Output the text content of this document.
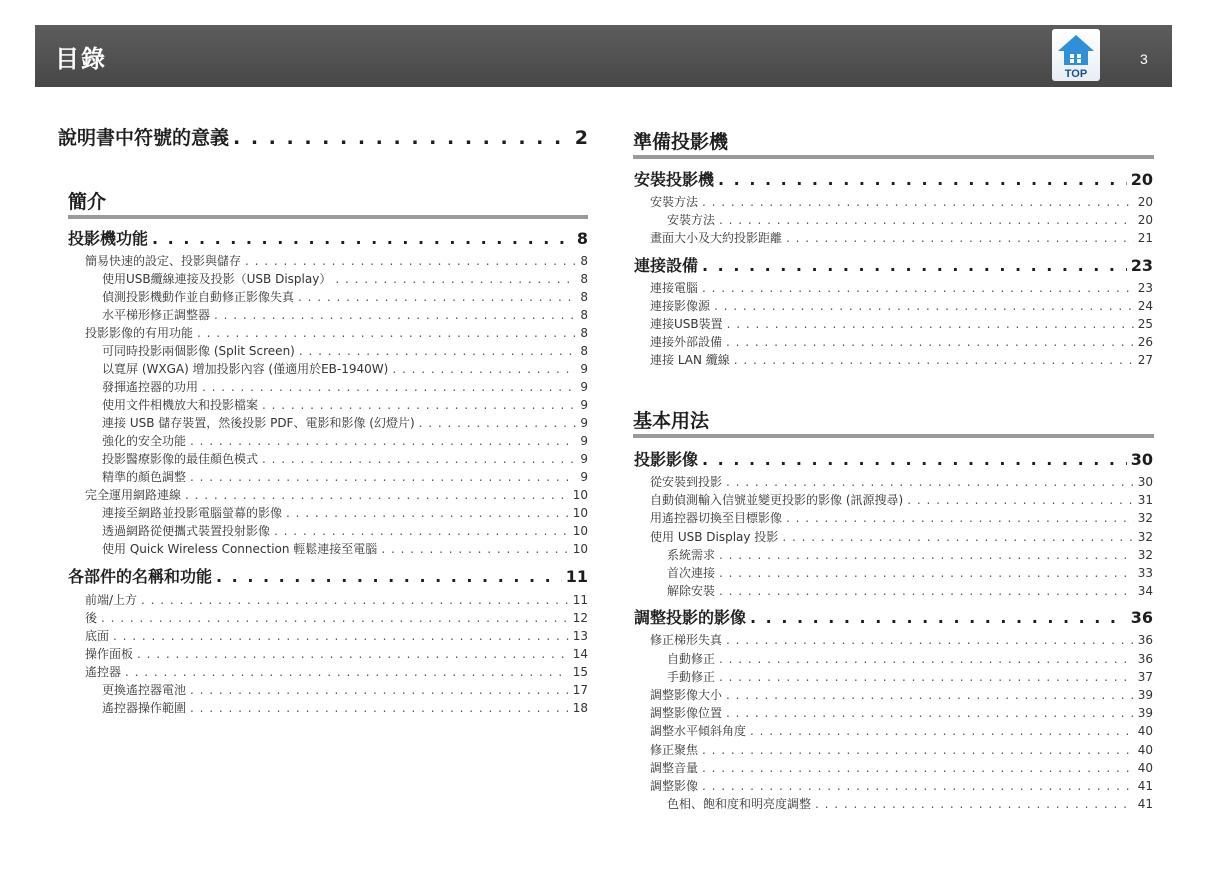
目錄
TOP
3
說明書中符號的意義 . . .	2
簡介
投影機功能 . . .	8
簡易快速的設定、投影與儲存 . . .	8
使用USB纜線連接及投影（USB Display） . . .	8
偵測投影機動作並自動修正影像失真 . . .	8
水平梯形修正調整器 . . .	8
投影影像的有用功能 . . .	8
可同時投影兩個影像 (Split Screen) . . .	8
以寬屏 (WXGA) 增加投影內容 (僅適用於EB-1940W) . . .	9
發揮遙控器的功用 . . .	9
使用文件相機放大和投影檔案 . . .	9
連接 USB 儲存裝置，然後投影 PDF、電影和影像 (幻燈片) . . .	9
強化的安全功能 . . .	9
投影醫療影像的最佳顏色模式 . . .	9
精準的顏色調整 . . .	9
完全運用網路連線 . . .	10
連接至網路並投影電腦螢幕的影像 . . .	10
透過網路從便攜式裝置投射影像 . . .	10
使用 Quick Wireless Connection 輕鬆連接至電腦 . . .	10
各部件的名稱和功能 . . .	11
前端/上方 . . .	11
後 . . .	12
底面 . . .	13
操作面板 . . .	14
遙控器 . . .	15
更換遙控器電池 . . .	17
遙控器操作範圍 . . .	18
準備投影機
安裝投影機 . . .	20
安裝方法 . . .	20
安裝方法 . . .	20
畫面大小及大約投影距離 . . .	21
連接設備 . . .	23
連接電腦 . . .	23
連接影像源 . . .	24
連接USB裝置 . . .	25
連接外部設備 . . .	26
連接 LAN 纜線 . . .	27
基本用法
投影影像 . . .	30
從安裝到投影 . . .	30
自動偵測輸入信號並變更投影的影像 (訊源搜尋) . . .	31
用遙控器切換至目標影像 . . .	32
使用 USB Display 投影 . . .	32
系統需求 . . .	32
首次連接 . . .	33
解除安裝 . . .	34
調整投影的影像 . . .	36
修正梯形失真 . . .	36
自動修正 . . .	36
手動修正 . . .	37
調整影像大小 . . .	39
調整影像位置 . . .	39
調整水平傾斜角度 . . .	40
修正聚焦 . . .	40
調整音量 . . .	40
調整影像 . . .	41
色相、飽和度和明亮度調整 . . .	41
